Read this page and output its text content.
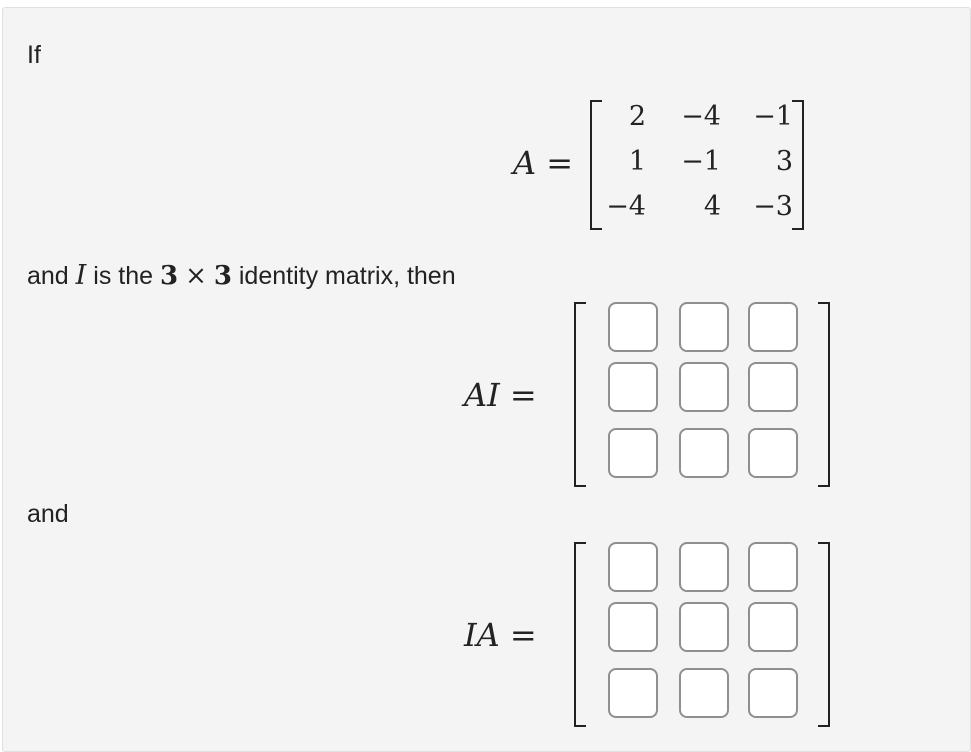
If
A =
2	−4	−1
1	−1	3
−4	4	−3
and I is the 3 × 3 identity matrix, then
AI =
and
IA =
